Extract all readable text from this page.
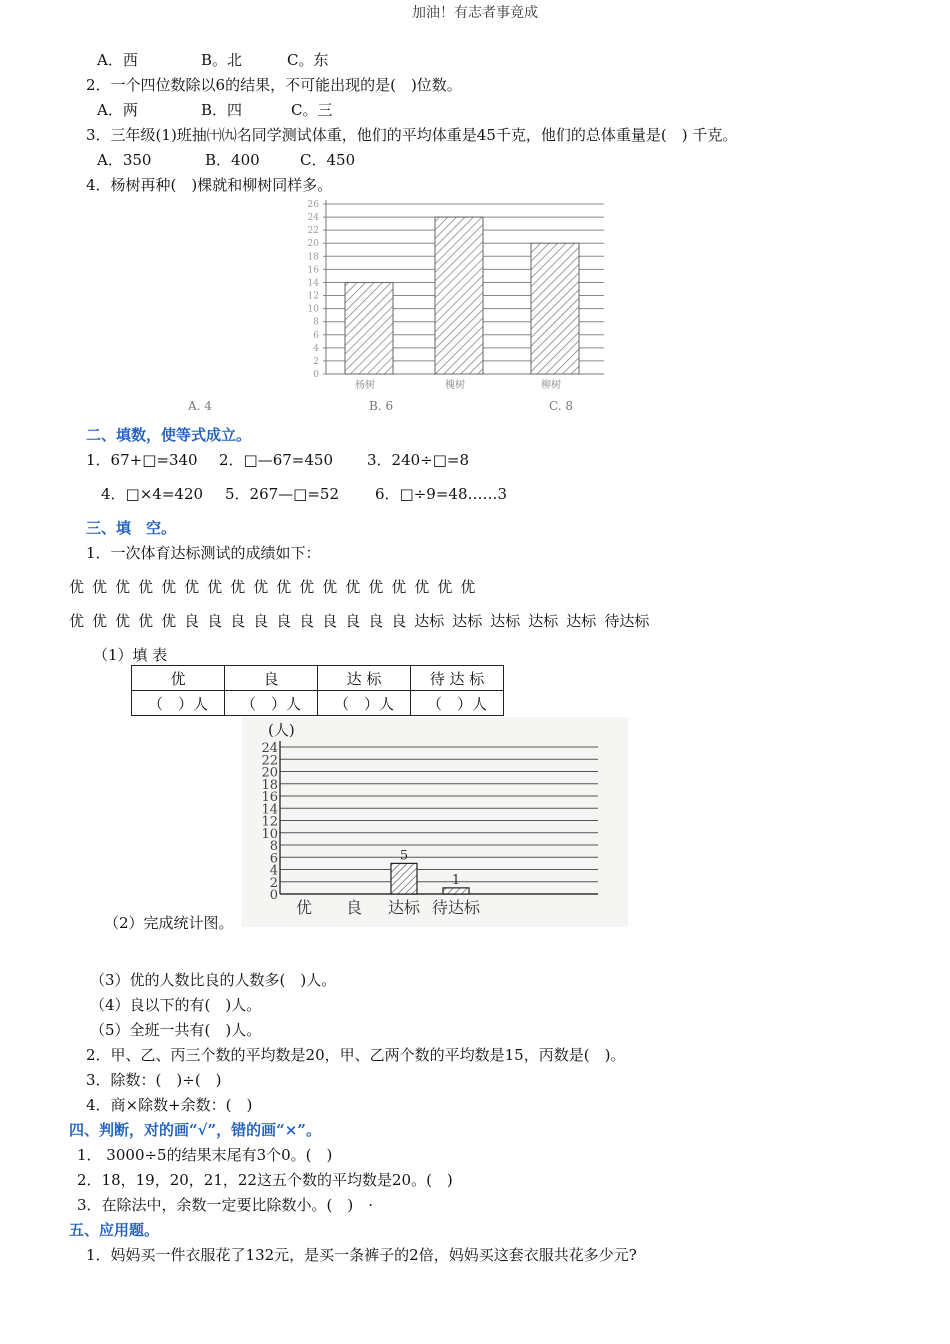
加油！有志者事竟成
A．西	B。北	C。东
2．一个四位数除以6的结果，不可能出现的是(　)位数。
A．两	B．四	C。三
3．三年级(1)班抽㈩㈨名同学测试体重，他们的平均体重是45千克，他们的总体重量是(　) 千克。
A．350	B．400	C．450
4．杨树再种(　)棵就和柳树同样多。
0
2
4
6
8
10
12
14
16
18
20
22
24
26
杨树	槐树	柳树
A. 4	B. 6	C. 8
二、填数，使等式成立。
1．67+□=340 2．□—67=450 3．240÷□=8
4．□×4=420 5．267—□=52 6．□÷9=48……3
三、填　空。
1．一次体育达标测试的成绩如下：
优 优 优 优 优 优 优 优 优 优 优 优 优 优 优 优 优 优
优 优 优 优 优 良 良 良 良 良 良 良 良 良 良 达标 达标 达标 达标 达标 待达标
（1）填 表
优	良	达 标	待 达 标
（　）人	（　）人	（　）人	（　）人
(人)
5
1
0
2
4
6
8
10
12
14
16
18
20
22
24
优 良 达标 待达标
（2）完成统计图。
（3）优的人数比良的人数多(　)人。
（4）良以下的有(　)人。
（5）全班一共有(　)人。
2．甲、乙、丙三个数的平均数是20，甲、乙两个数的平均数是15，丙数是(　)。
3．除数：(　)÷(　)
4．商×除数+余数：(　)
四、判断，对的画“√”，错的画“×”。
1． 3000÷5的结果末尾有3个0。(　)
2．18，19，20，21，22这五个数的平均数是20。(　)
3．在除法中，余数一定要比除数小。(　)　·
五、应用题。
1．妈妈买一件衣服花了132元，是买一条裤子的2倍，妈妈买这套衣服共花多少元?
